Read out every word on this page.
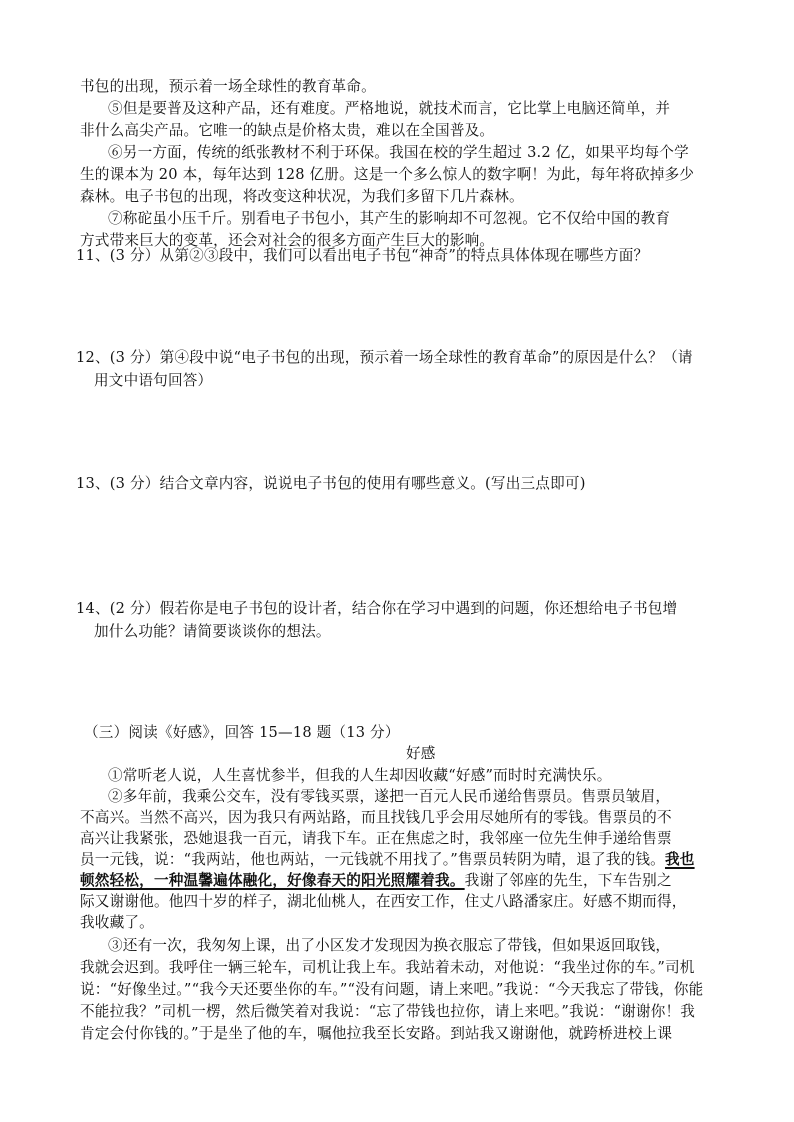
书包的出现，预示着一场全球性的教育革命。
⑤但是要普及这种产品，还有难度。严格地说，就技术而言，它比掌上电脑还简单，并
非什么高尖产品。它唯一的缺点是价格太贵，难以在全国普及。
⑥另一方面，传统的纸张教材不利于环保。我国在校的学生超过 3.2 亿，如果平均每个学
生的课本为 20 本，每年达到 128 亿册。这是一个多么惊人的数字啊！为此，每年将砍掉多少
森林。电子书包的出现，将改变这种状况，为我们多留下几片森林。
⑦称砣虽小压千斤。别看电子书包小，其产生的影响却不可忽视。它不仅给中国的教育
方式带来巨大的变革，还会对社会的很多方面产生巨大的影响。
11、(3 分）从第②③段中，我们可以看出电子书包“神奇”的特点具体体现在哪些方面？
12、(3 分）第④段中说“电子书包的出现，预示着一场全球性的教育革命”的原因是什么？（请
用文中语句回答）
13、(3 分）结合文章内容，说说电子书包的使用有哪些意义。(写出三点即可)
14、(2 分）假若你是电子书包的设计者，结合你在学习中遇到的问题，你还想给电子书包增
加什么功能？请简要谈谈你的想法。
（三）阅读《好感》，回答 15—18 题（13 分）
好感
①常听老人说，人生喜忧参半，但我的人生却因收藏“好感”而时时充满快乐。
②多年前，我乘公交车，没有零钱买票，遂把一百元人民币递给售票员。售票员皱眉，
不高兴。当然不高兴，因为我只有两站路，而且找钱几乎会用尽她所有的零钱。售票员的不
高兴让我紧张，恐她退我一百元，请我下车。正在焦虑之时，我邻座一位先生伸手递给售票
员一元钱，说：“我两站，他也两站，一元钱就不用找了。”售票员转阴为晴，退了我的钱。我也
顿然轻松，一种温馨遍体融化，好像春天的阳光照耀着我。我谢了邻座的先生，下车告别之
际又谢谢他。他四十岁的样子，湖北仙桃人，在西安工作，住丈八路潘家庄。好感不期而得，
我收藏了。
③还有一次，我匆匆上课，出了小区发才发现因为换衣服忘了带钱，但如果返回取钱，
我就会迟到。我呼住一辆三轮车，司机让我上车。我站着未动，对他说：“我坐过你的车。”司机
说：“好像坐过。”“我今天还要坐你的车。”“没有问题，请上来吧。”我说：“今天我忘了带钱，你能
不能拉我？”司机一楞，然后微笑着对我说：“忘了带钱也拉你，请上来吧。”我说：“谢谢你！我
肯定会付你钱的。”于是坐了他的车，嘱他拉我至长安路。到站我又谢谢他，就跨桥进校上课
